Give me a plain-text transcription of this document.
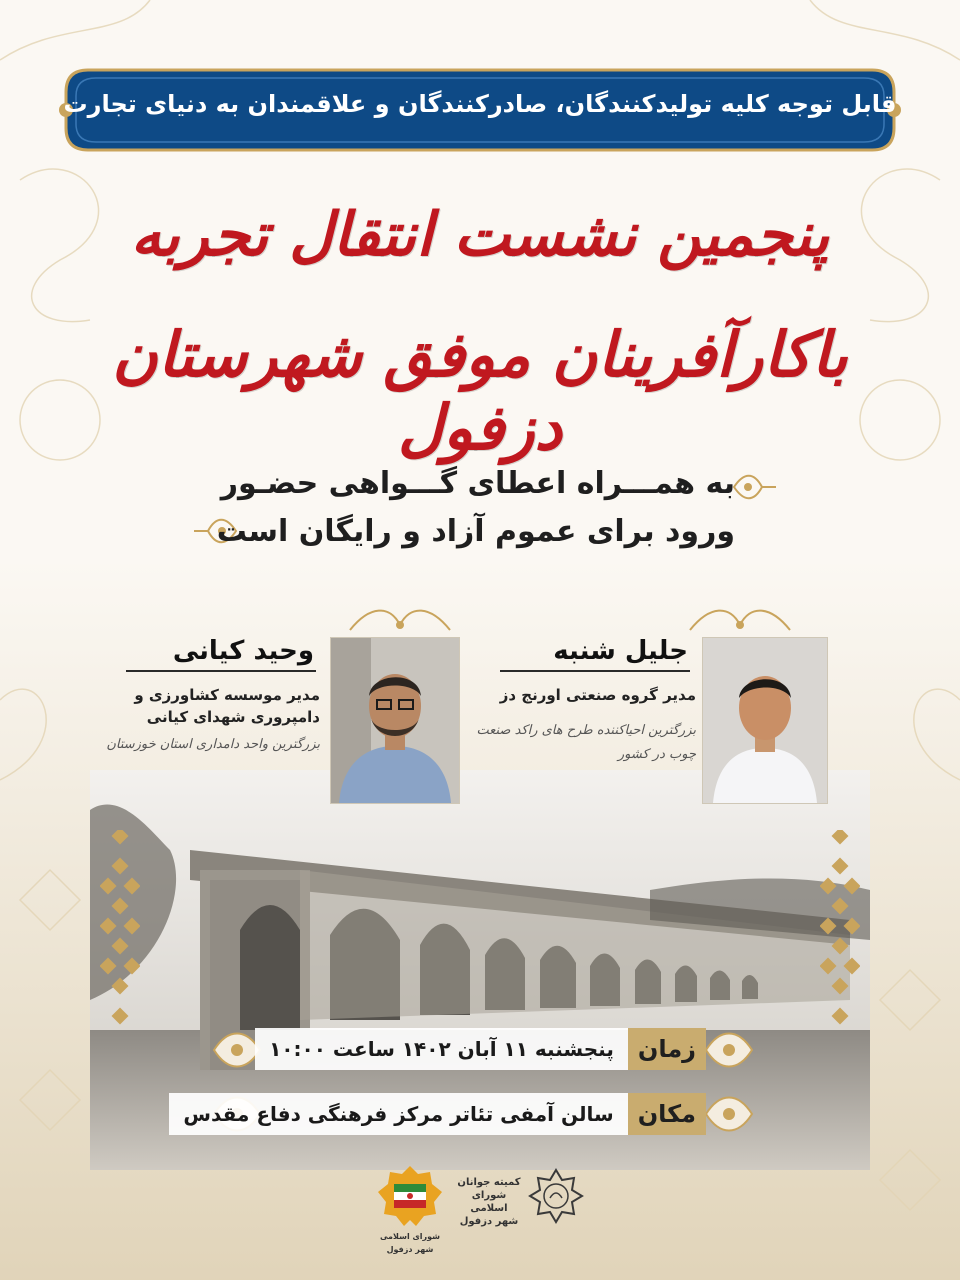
قابل توجه کلیه تولیدکنندگان، صادرکنندگان و علاقمندان به دنیای تجارت
پنجمین نشست انتقال تجربه
باکارآفرینان موفق شهرستان دزفول
به همـــراه اعطای گـــواهی حضـور
ورود برای عموم آزاد و رایگان است
جلیل شنبه
مدیر گروه صنعتی اورنج دز
بزرگترین احیاکننده طرح های راکد صنعت
چوب در کشور
وحید کیانی
مدیر موسسه کشاورزی و
دامپروری شهدای کیانی
بزرگترین واحد دامداری استان خوزستان
زمان
پنجشنبه ۱۱ آبان ۱۴۰۲ ساعت ۱۰:۰۰
مکان
سالن آمفی تئاتر مرکز فرهنگی دفاع مقدس
کمیته جوانان
شورای اسلامی
شهر دزفول
شورای اسلامی شهر دزفول
